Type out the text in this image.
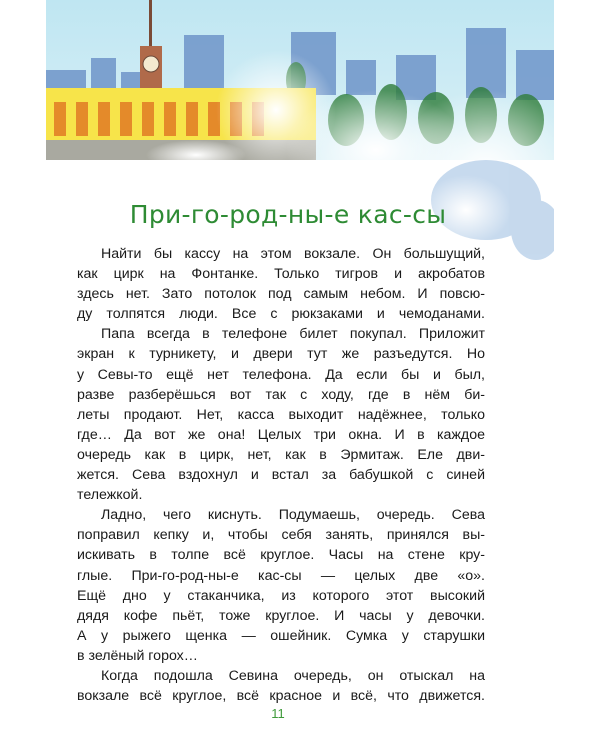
При-го-род-ны-е кас-сы
Найти бы кассу на этом вокзале. Он большущий,
как цирк на Фонтанке. Только тигров и акробатов
здесь нет. Зато потолок под самым небом. И повсю-
ду толпятся люди. Все с рюкзаками и чемоданами.
Папа всегда в телефоне билет покупал. Приложит
экран к турникету, и двери тут же разъедутся. Но
у Севы-то ещё нет телефона. Да если бы и был,
разве разберёшься вот так с ходу, где в нём би-
леты продают. Нет, касса выходит надёжнее, только
где… Да вот же она! Целых три окна. И в каждое
очередь как в цирк, нет, как в Эрмитаж. Еле дви-
жется. Сева вздохнул и встал за бабушкой с синей
тележкой.
Ладно, чего киснуть. Подумаешь, очередь. Сева
поправил кепку и, чтобы себя занять, принялся вы-
искивать в толпе всё круглое. Часы на стене кру-
глые. При-го-род-ны-е кас-сы — целых две «о».
Ещё дно у стаканчика, из которого этот высокий
дядя кофе пьёт, тоже круглое. И часы у девочки.
А у рыжего щенка — ошейник. Сумка у старушки
в зелёный горох…
Когда подошла Севина очередь, он отыскал на
вокзале всё круглое, всё красное и всё, что движется.
11
